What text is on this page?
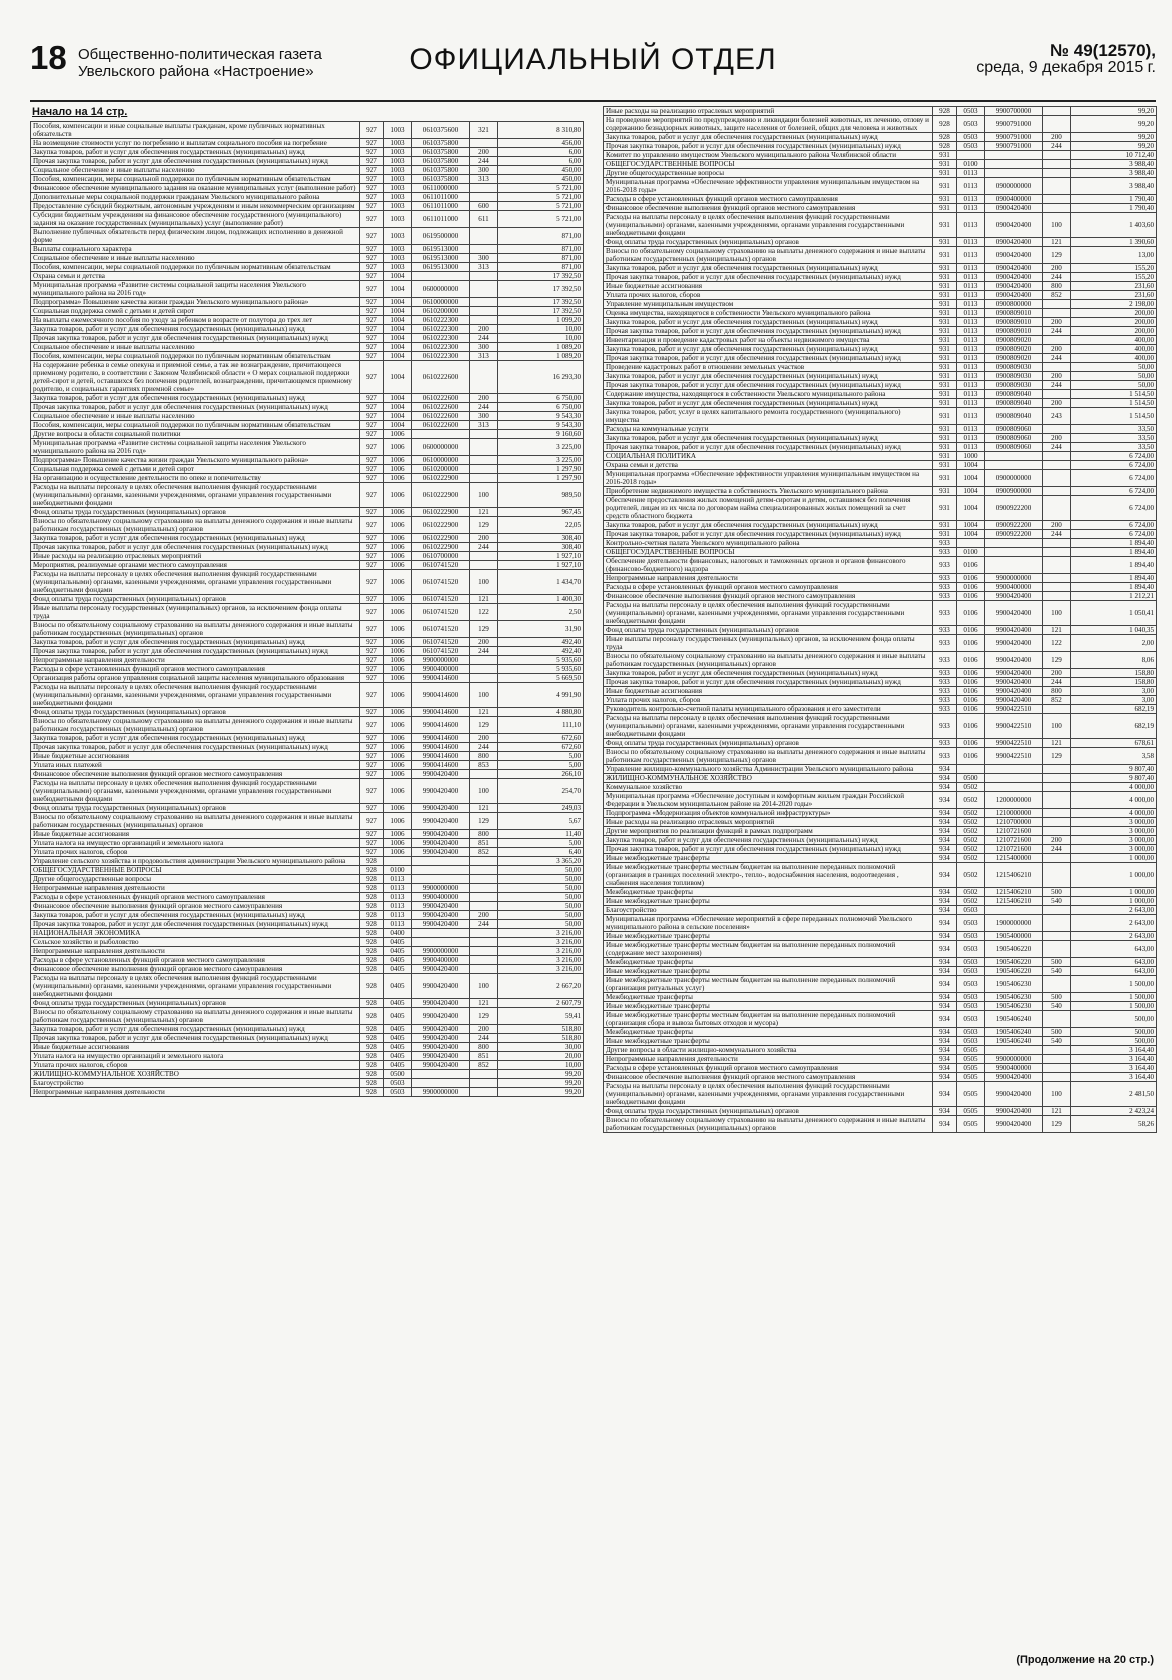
18 Общественно-политическая газета
Увельского района «Настроение»	ОФИЦИАЛЬНЫЙ ОТДЕЛ	№ 49(12570),
среда, 9 декабря 2015 г.
Начало на 14 стр.
Пособия, компенсации и иные социальные выплаты гражданам, кроме публичных нормативных обязательств	927	1003	0610375600	321	8 310,80
На возмещение стоимости услуг по погребению и выплатам социального пособия на погребение	927	1003	0610375800		456,00
Закупка товаров, работ и услуг для обеспечения государственных (муниципальных) нужд	927	1003	0610375800	200	6,00
Прочая закупка товаров, работ и услуг для обеспечения государственных (муниципальных) нужд	927	1003	0610375800	244	6,00
Социальное обеспечение и иные выплаты населению	927	1003	0610375800	300	450,00
Пособия, компенсации, меры социальной поддержки по публичным нормативным обязательствам	927	1003	0610375800	313	450,00
Финансовое обеспечение муниципального задания на оказание муниципальных услуг (выполнение работ)	927	1003	0611000000		5 721,00
Дополнительные меры социальной поддержки гражданам Увельского муниципального района	927	1003	0611011000		5 721,00
Предоставление субсидий бюджетным, автономным учреждениям и иным некоммерческим организациям	927	1003	0611011000	600	5 721,00
Субсидии бюджетным учреждениям на финансовое обеспечение государственного (муниципального) задания на оказание государственных (муниципальных) услуг (выполнение работ)	927	1003	0611011000	611	5 721,00
Выполнение публичных обязательств перед физическим лицом, подлежащих исполнению в денежной форме	927	1003	0619500000		871,00
Выплаты социального характера	927	1003	0619513000		871,00
Социальное обеспечение и иные выплаты населению	927	1003	0619513000	300	871,00
Пособия, компенсации, меры социальной поддержки по публичным нормативным обязательствам	927	1003	0619513000	313	871,00
Охрана семьи и детства	927	1004			17 392,50
Муниципальная программа «Развитие системы социальной защиты населения Увельского муниципального района на 2016 год»	927	1004	0600000000		17 392,50
Подпрограмма» Повышение качества жизни граждан Увельского муниципального района»	927	1004	0610000000		17 392,50
Социальная поддержка семей с детьми и детей сирот	927	1004	0610200000		17 392,50
На выплаты ежемесячного пособия по уходу за ребенком в возрасте от полутора до трех лет	927	1004	0610222300		1 099,20
Закупка товаров, работ и услуг для обеспечения государственных (муниципальных) нужд	927	1004	0610222300	200	10,00
Прочая закупка товаров, работ и услуг для обеспечения государственных (муниципальных) нужд	927	1004	0610222300	244	10,00
Социальное обеспечение и иные выплаты населению	927	1004	0610222300	300	1 089,20
Пособия, компенсации, меры социальной поддержки по публичным нормативным обязательствам	927	1004	0610222300	313	1 089,20
На содержание ребенка в семье опекуна и приемной семье, а так же вознаграждение, причитающееся приемному родителю, в соответствии с Законом Челябинской области « О мерах социальной поддержки детей-сирот и детей, оставшихся без попечения родителей, вознаграждении, причитающемся приемному родителю, и социальных гарантиях приемной семье»	927	1004	0610222600		16 293,30
Закупка товаров, работ и услуг для обеспечения государственных (муниципальных) нужд	927	1004	0610222600	200	6 750,00
Прочая закупка товаров, работ и услуг для обеспечения государственных (муниципальных) нужд	927	1004	0610222600	244	6 750,00
Социальное обеспечение и иные выплаты населению	927	1004	0610222600	300	9 543,30
Пособия, компенсации, меры социальной поддержки по публичным нормативным обязательствам	927	1004	0610222600	313	9 543,30
Другие вопросы в области социальной политики	927	1006			9 160,60
Муниципальная программа «Развитие системы социальной защиты населения Увельского муниципального района на 2016 год»	927	1006	0600000000		3 225,00
Подпрограмма» Повышение качества жизни граждан Увельского муниципального района»	927	1006	0610000000		3 225,00
Социальная поддержка семей с детьми и детей сирот	927	1006	0610200000		1 297,90
На организацию и осуществление деятельности по опеке и попечительству	927	1006	0610222900		1 297,90
Расходы на выплаты персоналу в целях обеспечения выполнения функций государственными (муниципальными) органами, казенными учреждениями, органами управления государственными внебюджетными фондами	927	1006	0610222900	100	989,50
Фонд оплаты труда государственных (муниципальных) органов	927	1006	0610222900	121	967,45
Взносы по обязательному социальному страхованию на выплаты денежного содержания и иные выплаты работникам государственных (муниципальных) органов	927	1006	0610222900	129	22,05
Закупка товаров, работ и услуг для обеспечения государственных (муниципальных) нужд	927	1006	0610222900	200	308,40
Прочая закупка товаров, работ и услуг для обеспечения государственных (муниципальных) нужд	927	1006	0610222900	244	308,40
Иные расходы на реализацию отраслевых мероприятий	927	1006	0610700000		1 927,10
Мероприятия, реализуемые органами местного самоуправления	927	1006	0610741520		1 927,10
Расходы на выплаты персоналу в целях обеспечения выполнения функций государственными (муниципальными) органами, казенными учреждениями, органами управления государственными внебюджетными фондами	927	1006	0610741520	100	1 434,70
Фонд оплаты труда государственных (муниципальных) органов	927	1006	0610741520	121	1 400,30
Иные выплаты персоналу государственных (муниципальных) органов, за исключением фонда оплаты труда	927	1006	0610741520	122	2,50
Взносы по обязательному социальному страхованию на выплаты денежного содержания и иные выплаты работникам государственных (муниципальных) органов	927	1006	0610741520	129	31,90
Закупка товаров, работ и услуг для обеспечения государственных (муниципальных) нужд	927	1006	0610741520	200	492,40
Прочая закупка товаров, работ и услуг для обеспечения государственных (муниципальных) нужд	927	1006	0610741520	244	492,40
Непрограммные направления деятельности	927	1006	9900000000		5 935,60
Расходы в сфере установленных функций органов местного самоуправления	927	1006	9900400000		5 935,60
Организация работы органов управления социальной защиты населения муниципального образования	927	1006	9900414600		5 669,50
Расходы на выплаты персоналу в целях обеспечения выполнения функций государственными (муниципальными) органами, казенными учреждениями, органами управления государственными внебюджетными фондами	927	1006	9900414600	100	4 991,90
Фонд оплаты труда государственных (муниципальных) органов	927	1006	9900414600	121	4 880,80
Взносы по обязательному социальному страхованию на выплаты денежного содержания и иные выплаты работникам государственных (муниципальных) органов	927	1006	9900414600	129	111,10
Закупка товаров, работ и услуг для обеспечения государственных (муниципальных) нужд	927	1006	9900414600	200	672,60
Прочая закупка товаров, работ и услуг для обеспечения государственных (муниципальных) нужд	927	1006	9900414600	244	672,60
Иные бюджетные ассигнования	927	1006	9900414600	800	5,00
Уплата иных платежей	927	1006	9900414600	853	5,00
Финансовое обеспечение выполнения функций органов местного самоуправления	927	1006	9900420400		266,10
Расходы на выплаты персоналу в целях обеспечения выполнения функций государственными (муниципальными) органами, казенными учреждениями, органами управления государственными внебюджетными фондами	927	1006	9900420400	100	254,70
Фонд оплаты труда государственных (муниципальных) органов	927	1006	9900420400	121	249,03
Взносы по обязательному социальному страхованию на выплаты денежного содержания и иные выплаты работникам государственных (муниципальных) органов	927	1006	9900420400	129	5,67
Иные бюджетные ассигнования	927	1006	9900420400	800	11,40
Уплата налога на имущество организаций и земельного налога	927	1006	9900420400	851	5,00
Уплата прочих налогов, сборов	927	1006	9900420400	852	6,40
Управление сельского хозяйства и продовольствия администрации Увельского муниципального района	928				3 365,20
ОБЩЕГОСУДАРСТВЕННЫЕ ВОПРОСЫ	928	0100			50,00
Другие общегосударственные вопросы	928	0113			50,00
Непрограммные направления деятельности	928	0113	9900000000		50,00
Расходы в сфере установленных функций органов местного самоуправления	928	0113	9900400000		50,00
Финансовое обеспечение выполнения функций органов местного самоуправления	928	0113	9900420400		50,00
Закупка товаров, работ и услуг для обеспечения государственных (муниципальных) нужд	928	0113	9900420400	200	50,00
Прочая закупка товаров, работ и услуг для обеспечения государственных (муниципальных) нужд	928	0113	9900420400	244	50,00
НАЦИОНАЛЬНАЯ ЭКОНОМИКА	928	0400			3 216,00
Сельское хозяйство и рыболовство	928	0405			3 216,00
Непрограммные направления деятельности	928	0405	9900000000		3 216,00
Расходы в сфере установленных функций органов местного самоуправления	928	0405	9900400000		3 216,00
Финансовое обеспечение выполнения функций органов местного самоуправления	928	0405	9900420400		3 216,00
Расходы на выплаты персоналу в целях обеспечения выполнения функций государственными (муниципальными) органами, казенными учреждениями, органами управления государственными внебюджетными фондами	928	0405	9900420400	100	2 667,20
Фонд оплаты труда государственных (муниципальных) органов	928	0405	9900420400	121	2 607,79
Взносы по обязательному социальному страхованию на выплаты денежного содержания и иные выплаты работникам государственных (муниципальных) органов	928	0405	9900420400	129	59,41
Закупка товаров, работ и услуг для обеспечения государственных (муниципальных) нужд	928	0405	9900420400	200	518,80
Прочая закупка товаров, работ и услуг для обеспечения государственных (муниципальных) нужд	928	0405	9900420400	244	518,80
Иные бюджетные ассигнования	928	0405	9900420400	800	30,00
Уплата налога на имущество организаций и земельного налога	928	0405	9900420400	851	20,00
Уплата прочих налогов, сборов	928	0405	9900420400	852	10,00
ЖИЛИЩНО-КОММУНАЛЬНОЕ ХОЗЯЙСТВО	928	0500			99,20
Благоустройство	928	0503			99,20
Непрограммные направления деятельности	928	0503	9900000000		99,20
Иные расходы на реализацию отраслевых мероприятий	928	0503	9900700000		99,20
На проведение мероприятий по предупреждению и ликвидации болезней животных, их лечению, отлову и содержанию безнадзорных животных, защите населения от болезней, общих для человека и животных	928	0503	9900791000		99,20
Закупка товаров, работ и услуг для обеспечения государственных (муниципальных) нужд	928	0503	9900791000	200	99,20
Прочая закупка товаров, работ и услуг для обеспечения государственных (муниципальных) нужд	928	0503	9900791000	244	99,20
Комитет по управлению имуществом Увельского муниципального района Челябинской области	931				10 712,40
ОБЩЕГОСУДАРСТВЕННЫЕ ВОПРОСЫ	931	0100			3 988,40
Другие общегосударственные вопросы	931	0113			3 988,40
Муниципальная программа «Обеспечение эффективности управления муниципальным имуществом на 2016-2018 годы»	931	0113	0900000000		3 988,40
Расходы в сфере установленных функций органов местного самоуправления	931	0113	0900400000		1 790,40
Финансовое обеспечение выполнения функций органов местного самоуправления	931	0113	0900420400		1 790,40
Расходы на выплаты персоналу в целях обеспечения выполнения функций государственными (муниципальными) органами, казенными учреждениями, органами управления государственными внебюджетными фондами	931	0113	0900420400	100	1 403,60
Фонд оплаты труда государственных (муниципальных) органов	931	0113	0900420400	121	1 390,60
Взносы по обязательному социальному страхованию на выплаты денежного содержания и иные выплаты работникам государственных (муниципальных) органов	931	0113	0900420400	129	13,00
Закупка товаров, работ и услуг для обеспечения государственных (муниципальных) нужд	931	0113	0900420400	200	155,20
Прочая закупка товаров, работ и услуг для обеспечения государственных (муниципальных) нужд	931	0113	0900420400	244	155,20
Иные бюджетные ассигнования	931	0113	0900420400	800	231,60
Уплата прочих налогов, сборов	931	0113	0900420400	852	231,60
Управление муниципальным имуществом	931	0113	0900800000		2 198,00
Оценка имущества, находящегося в собственности Увельского муниципального района	931	0113	0900809010		200,00
Закупка товаров, работ и услуг для обеспечения государственных (муниципальных) нужд	931	0113	0900809010	200	200,00
Прочая закупка товаров, работ и услуг для обеспечения государственных (муниципальных) нужд	931	0113	0900809010	244	200,00
Инвентаризация и проведение кадастровых работ на объекты недвижимого имущества	931	0113	0900809020		400,00
Закупка товаров, работ и услуг для обеспечения государственных (муниципальных) нужд	931	0113	0900809020	200	400,00
Прочая закупка товаров, работ и услуг для обеспечения государственных (муниципальных) нужд	931	0113	0900809020	244	400,00
Проведение кадастровых работ в отношении земельных участков	931	0113	0900809030		50,00
Закупка товаров, работ и услуг для обеспечения государственных (муниципальных) нужд	931	0113	0900809030	200	50,00
Прочая закупка товаров, работ и услуг для обеспечения государственных (муниципальных) нужд	931	0113	0900809030	244	50,00
Содержание имущества, находящегося в собственности Увельского муниципального района	931	0113	0900809040		1 514,50
Закупка товаров, работ и услуг для обеспечения государственных (муниципальных) нужд	931	0113	0900809040	200	1 514,50
Закупка товаров, работ, услуг в целях капитального ремонта государственного (муниципального) имущества	931	0113	0900809040	243	1 514,50
Расходы на коммунальные услуги	931	0113	0900809060		33,50
Закупка товаров, работ и услуг для обеспечения государственных (муниципальных) нужд	931	0113	0900809060	200	33,50
Прочая закупка товаров, работ и услуг для обеспечения государственных (муниципальных) нужд	931	0113	0900809060	244	33,50
СОЦИАЛЬНАЯ ПОЛИТИКА	931	1000			6 724,00
Охрана семьи и детства	931	1004			6 724,00
Муниципальная программа «Обеспечение эффективности управления муниципальным имуществом на 2016-2018 годы»	931	1004	0900000000		6 724,00
Приобретение недвижимого имущества в собственность Увельского муниципального района	931	1004	0900900000		6 724,00
Обеспечение предоставления жилых помещений детям-сиротам и детям, оставшимся без попечения родителей, лицам из их числа по договорам найма специализированных жилых помещений за счет средств областного бюджета	931	1004	0900922200		6 724,00
Закупка товаров, работ и услуг для обеспечения государственных (муниципальных) нужд	931	1004	0900922200	200	6 724,00
Прочая закупка товаров, работ и услуг для обеспечения государственных (муниципальных) нужд	931	1004	0900922200	244	6 724,00
Контрольно-счетная палата Увельского муниципального района	933				1 894,40
ОБЩЕГОСУДАРСТВЕННЫЕ ВОПРОСЫ	933	0100			1 894,40
Обеспечение деятельности финансовых, налоговых и таможенных органов и органов финансового (финансово-бюджетного) надзора	933	0106			1 894,40
Непрограммные направления деятельности	933	0106	9900000000		1 894,40
Расходы в сфере установленных функций органов местного самоуправления	933	0106	9900400000		1 894,40
Финансовое обеспечение выполнения функций органов местного самоуправления	933	0106	9900420400		1 212,21
Расходы на выплаты персоналу в целях обеспечения выполнения функций государственными (муниципальными) органами, казенными учреждениями, органами управления государственными внебюджетными фондами	933	0106	9900420400	100	1 050,41
Фонд оплаты труда государственных (муниципальных) органов	933	0106	9900420400	121	1 040,35
Иные выплаты персоналу государственных (муниципальных) органов, за исключением фонда оплаты труда	933	0106	9900420400	122	2,00
Взносы по обязательному социальному страхованию на выплаты денежного содержания и иные выплаты работникам государственных (муниципальных) органов	933	0106	9900420400	129	8,06
Закупка товаров, работ и услуг для обеспечения государственных (муниципальных) нужд	933	0106	9900420400	200	158,80
Прочая закупка товаров, работ и услуг для обеспечения государственных (муниципальных) нужд	933	0106	9900420400	244	158,80
Иные бюджетные ассигнования	933	0106	9900420400	800	3,00
Уплата прочих налогов, сборов	933	0106	9900420400	852	3,00
Руководитель контрольно-счетной палаты муниципального образования и его заместители	933	0106	9900422510		682,19
Расходы на выплаты персоналу в целях обеспечения выполнения функций государственными (муниципальными) органами, казенными учреждениями, органами управления государственными внебюджетными фондами	933	0106	9900422510	100	682,19
Фонд оплаты труда государственных (муниципальных) органов	933	0106	9900422510	121	678,61
Взносы по обязательному социальному страхованию на выплаты денежного содержания и иные выплаты работникам государственных (муниципальных) органов	933	0106	9900422510	129	3,58
Управление жилищно-коммунального хозяйства Администрации Увельского муниципального района	934				9 807,40
ЖИЛИЩНО-КОММУНАЛЬНОЕ ХОЗЯЙСТВО	934	0500			9 807,40
Коммунальное хозяйство	934	0502			4 000,00
Муниципальная программа «Обеспечение доступным и комфортным жильем граждан Российской Федерации в Увельском муниципальном районе на 2014-2020 годы»	934	0502	1200000000		4 000,00
Подпрограмма «Модернизация объектов коммунальной инфраструктуры»	934	0502	1210000000		4 000,00
Иные расходы на реализацию отраслевых мероприятий	934	0502	1210700000		3 000,00
Другие мероприятия по реализации функций в рамках подпрограмм	934	0502	1210721600		3 000,00
Закупка товаров, работ и услуг для обеспечения государственных (муниципальных) нужд	934	0502	1210721600	200	3 000,00
Прочая закупка товаров, работ и услуг для обеспечения государственных (муниципальных) нужд	934	0502	1210721600	244	3 000,00
Иные межбюджетные трансферты	934	0502	1215400000		1 000,00
Иные межбюджетные трансферты местным бюджетам на выполнение переданных полномочий (организация в границах поселений электро-, тепло-, водоснабжения населения, водоотведения , снабжения населения топливом)	934	0502	1215406210		1 000,00
Межбюджетные трансферты	934	0502	1215406210	500	1 000,00
Иные межбюджетные трансферты	934	0502	1215406210	540	1 000,00
Благоустройство	934	0503			2 643,00
Муниципальная программа «Обеспечение мероприятий в сфере переданных полномочий Увельского муниципального района в сельские поселения»	934	0503	1900000000		2 643,00
Иные межбюджетные трансферты	934	0503	1905400000		2 643,00
Иные межбюджетные трансферты местным бюджетам на выполнение переданных полномочий (содержание мест захоронения)	934	0503	1905406220		643,00
Межбюджетные трансферты	934	0503	1905406220	500	643,00
Иные межбюджетные трансферты	934	0503	1905406220	540	643,00
Иные межбюджетные трансферты местным бюджетам на выполнение переданных полномочий (организация ритуальных услуг)	934	0503	1905406230		1 500,00
Межбюджетные трансферты	934	0503	1905406230	500	1 500,00
Иные межбюджетные трансферты	934	0503	1905406230	540	1 500,00
Иные межбюджетные трансферты местным бюджетам на выполнение переданных полномочий (организация сбора и вывоза бытовых отходов и мусора)	934	0503	1905406240		500,00
Межбюджетные трансферты	934	0503	1905406240	500	500,00
Иные межбюджетные трансферты	934	0503	1905406240	540	500,00
Другие вопросы в области жилищно-коммунального хозяйства	934	0505			3 164,40
Непрограммные направления деятельности	934	0505	9900000000		3 164,40
Расходы в сфере установленных функций органов местного самоуправления	934	0505	9900400000		3 164,40
Финансовое обеспечение выполнения функций органов местного самоуправления	934	0505	9900420400		3 164,40
Расходы на выплаты персоналу в целях обеспечения выполнения функций государственными (муниципальными) органами, казенными учреждениями, органами управления государственными внебюджетными фондами	934	0505	9900420400	100	2 481,50
Фонд оплаты труда государственных (муниципальных) органов	934	0505	9900420400	121	2 423,24
Взносы по обязательному социальному страхованию на выплаты денежного содержания и иные выплаты работникам государственных (муниципальных) органов	934	0505	9900420400	129	58,26
(Продолжение на 20 стр.)
